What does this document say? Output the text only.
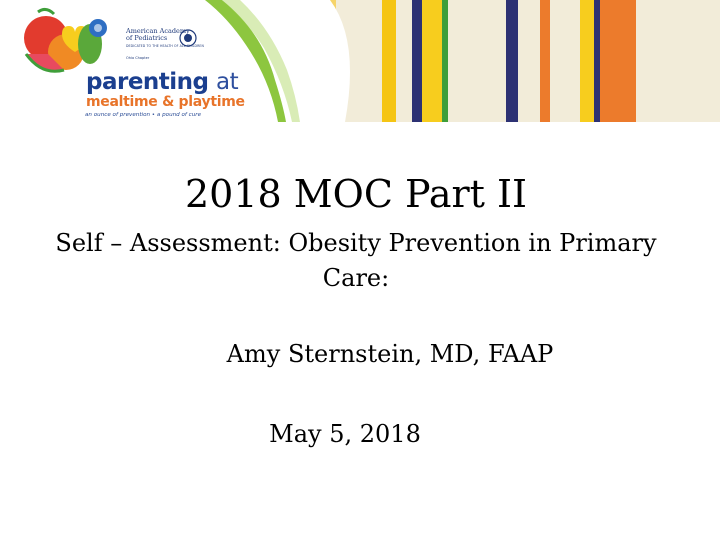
American Academy of Pediatrics
DEDICATED TO THE HEALTH OF ALL CHILDREN
Ohio Chapter
parenting at
mealtime & playtime
an ounce of prevention • a pound of cure
2018 MOC Part II
Self – Assessment: Obesity Prevention in Primary Care:
Amy Sternstein, MD, FAAP
May 5, 2018
